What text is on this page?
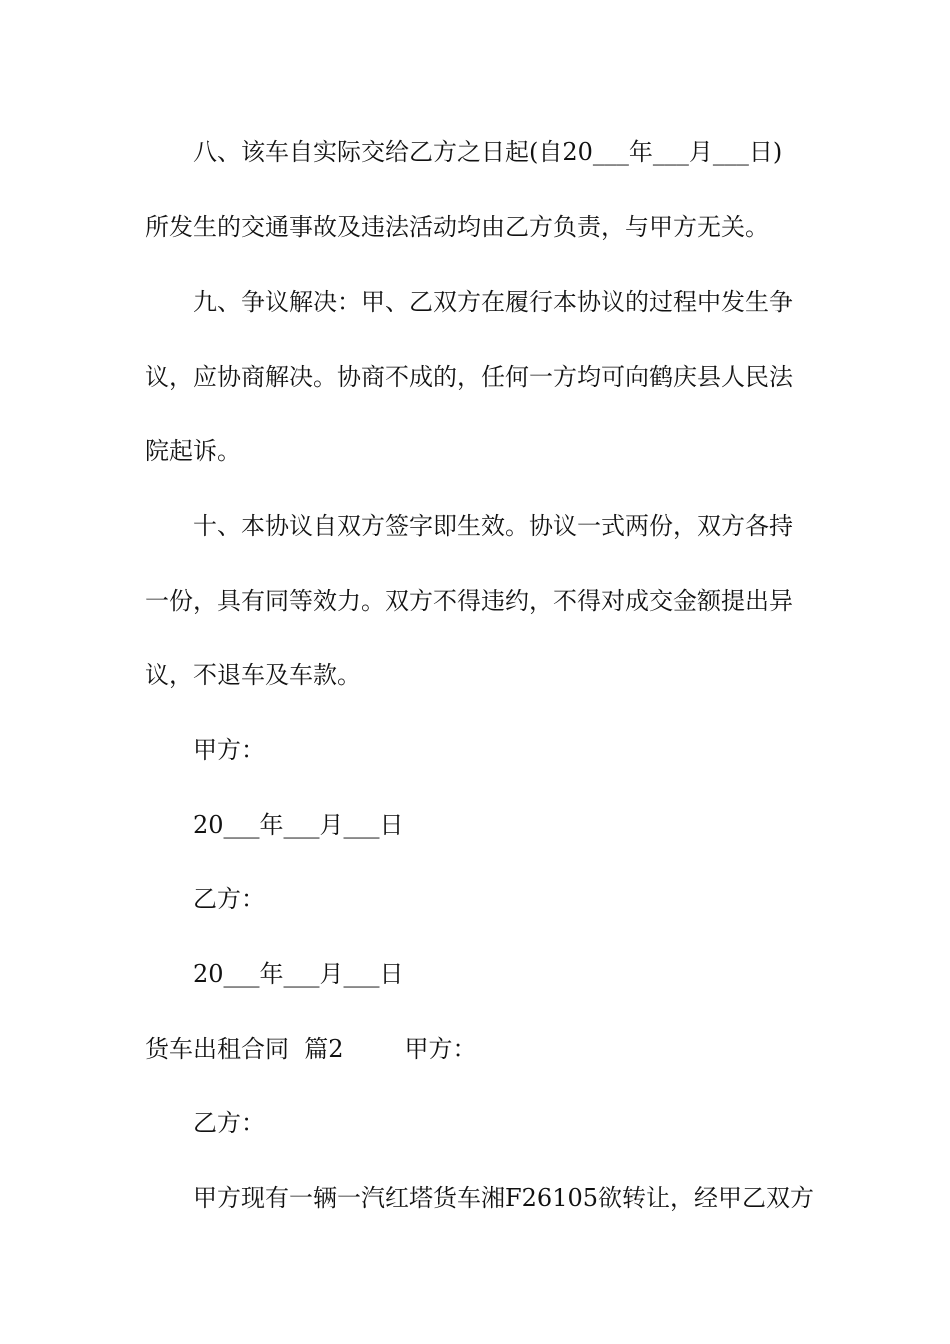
八、该车自实际交给乙方之日起(自20___年___月___日)
所发生的交通事故及违法活动均由乙方负责，与甲方无关。
九、争议解决：甲、乙双方在履行本协议的过程中发生争
议，应协商解决。协商不成的，任何一方均可向鹤庆县人民法
院起诉。
十、本协议自双方签字即生效。协议一式两份，双方各持
一份，具有同等效力。双方不得违约，不得对成交金额提出异
议，不退车及车款。
甲方：
20___年___月___日
乙方：
20___年___月___日
货车出租合同  篇2        甲方：
乙方：
甲方现有一辆一汽红塔货车湘F26105欲转让，经甲乙双方
